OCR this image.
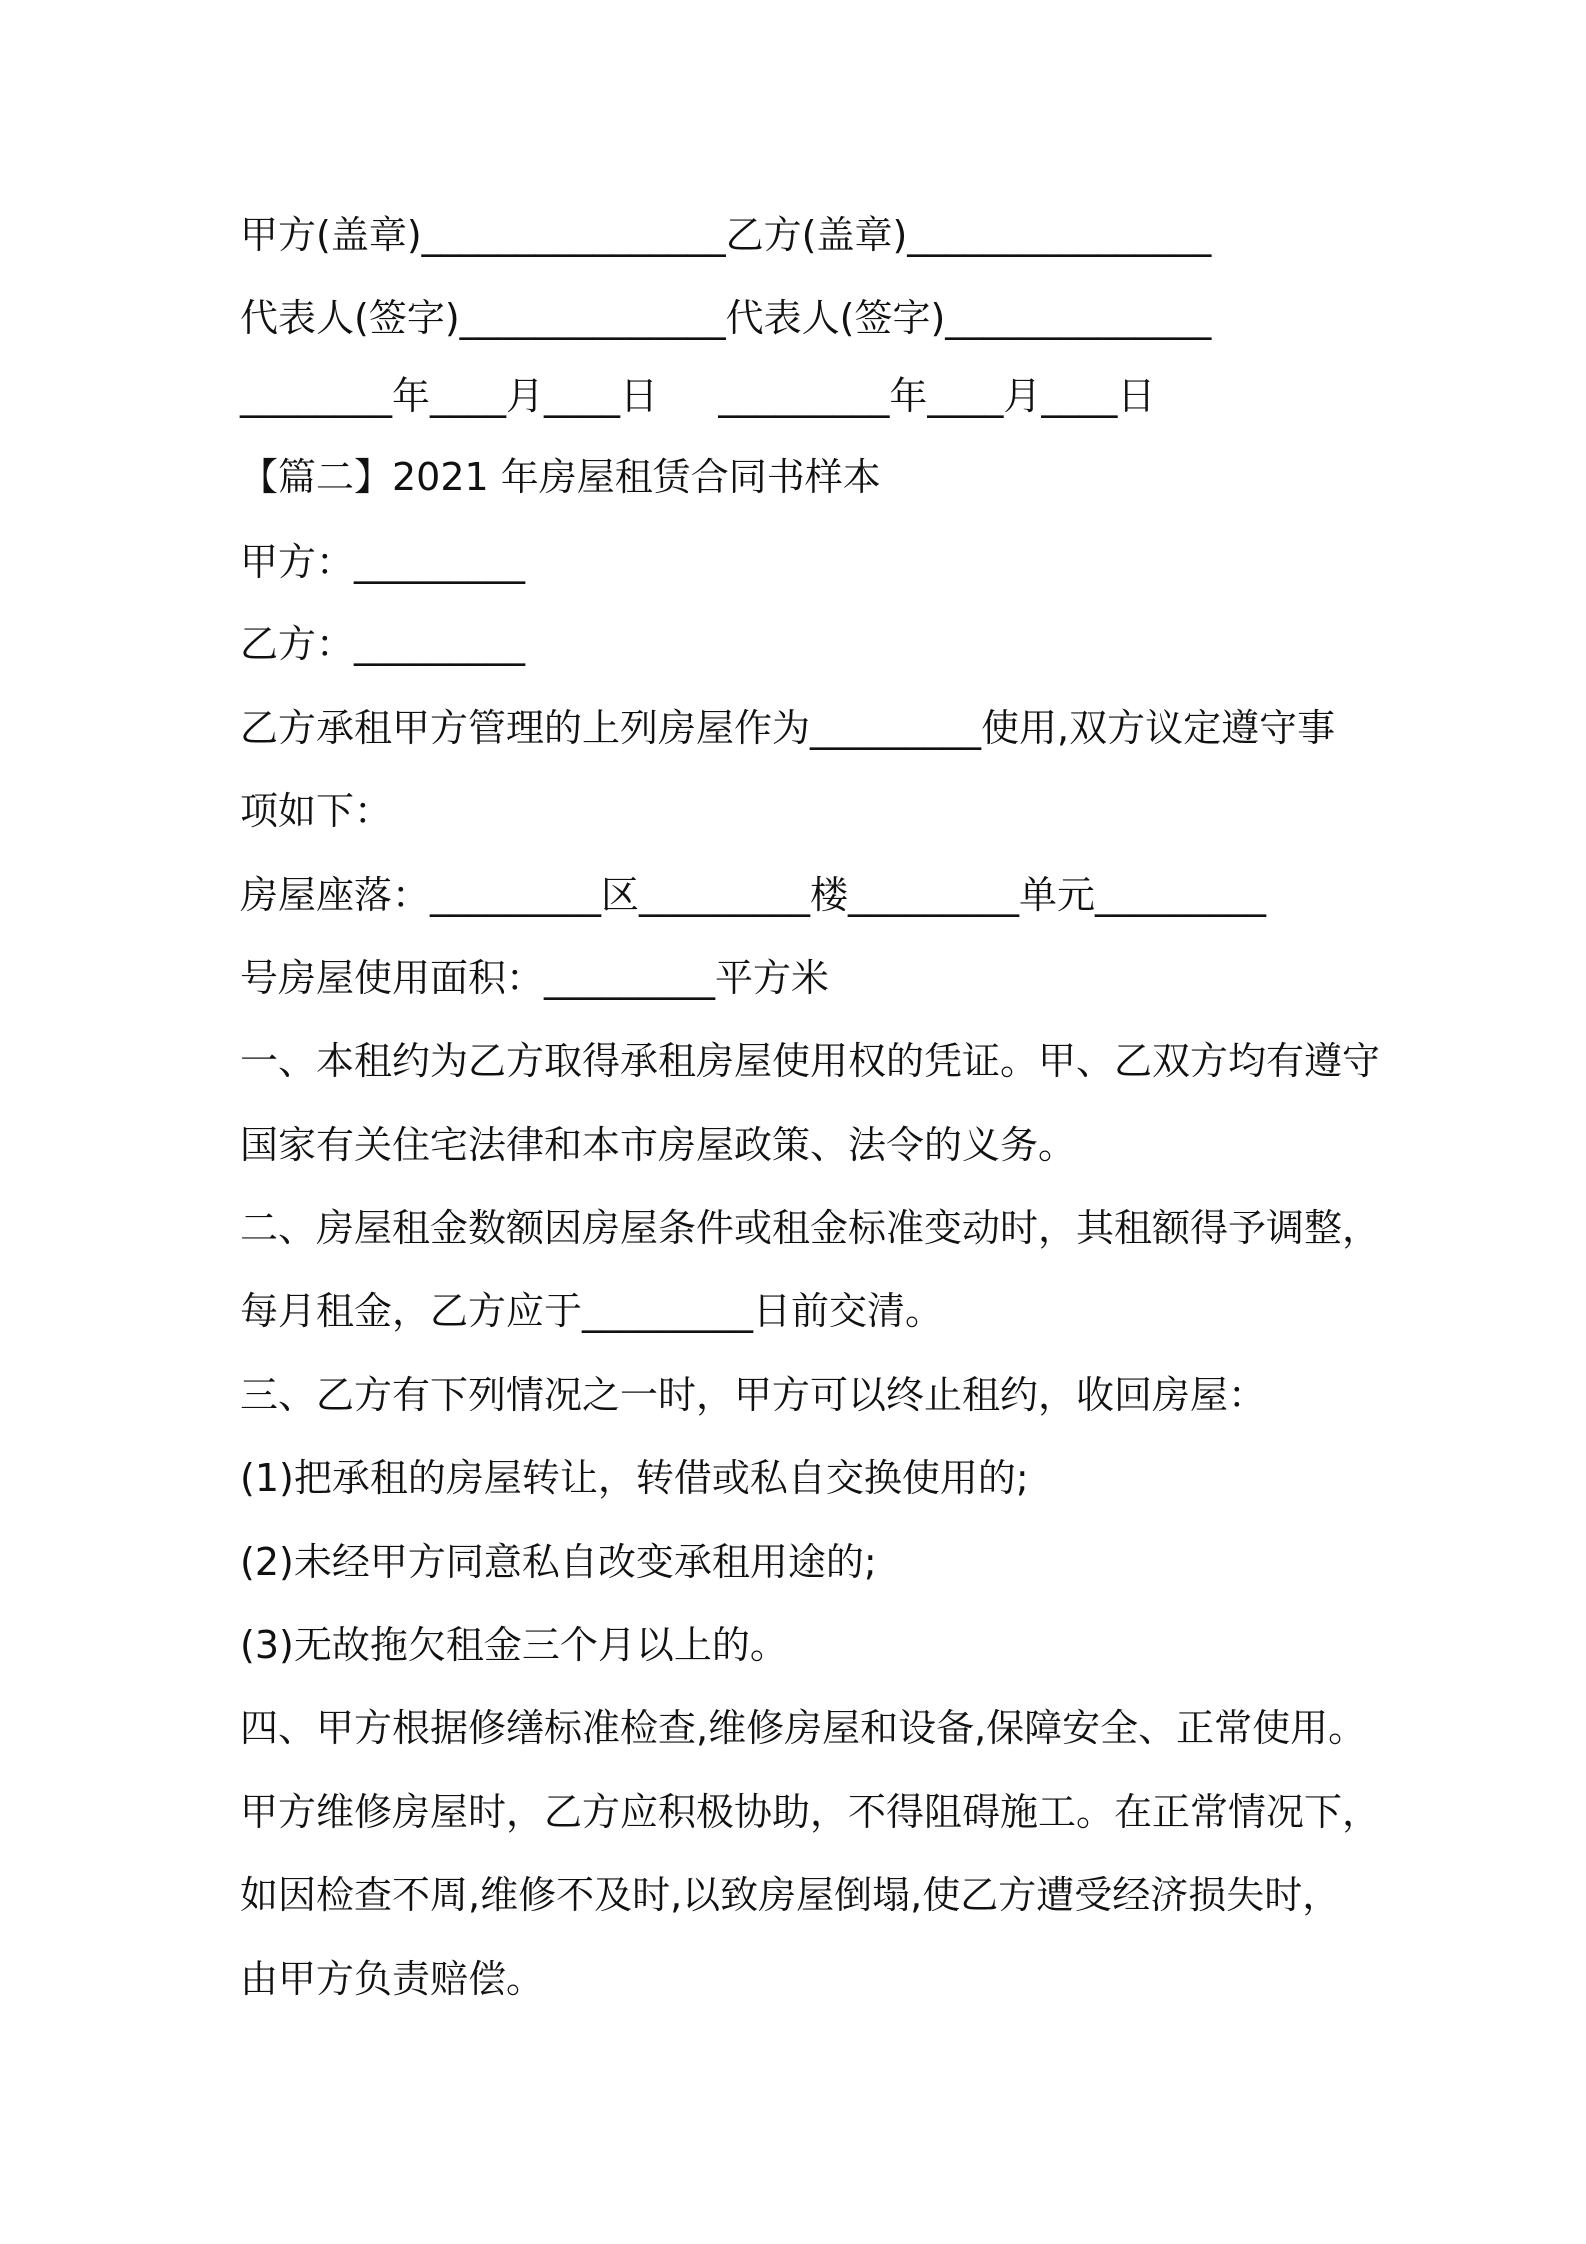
甲方(盖章)________________乙方(盖章)________________
代表人(签字)______________代表人(签字)______________
________年____月____日     _________年____月____日
【篇二】2021 年房屋租赁合同书样本
甲方：_________
乙方：_________
乙方承租甲方管理的上列房屋作为_________使用,双方议定遵守事
项如下：
房屋座落：_________区_________楼_________单元_________
号房屋使用面积：_________平方米
一、本租约为乙方取得承租房屋使用权的凭证。甲、乙双方均有遵守
国家有关住宅法律和本市房屋政策、法令的义务。
二、房屋租金数额因房屋条件或租金标准变动时，其租额得予调整，
每月租金，乙方应于_________日前交清。
三、乙方有下列情况之一时，甲方可以终止租约，收回房屋：
(1)把承租的房屋转让，转借或私自交换使用的;
(2)未经甲方同意私自改变承租用途的;
(3)无故拖欠租金三个月以上的。
四、甲方根据修缮标准检查,维修房屋和设备,保障安全、正常使用。
甲方维修房屋时，乙方应积极协助，不得阻碍施工。在正常情况下，
如因检查不周,维修不及时,以致房屋倒塌,使乙方遭受经济损失时，
由甲方负责赔偿。
